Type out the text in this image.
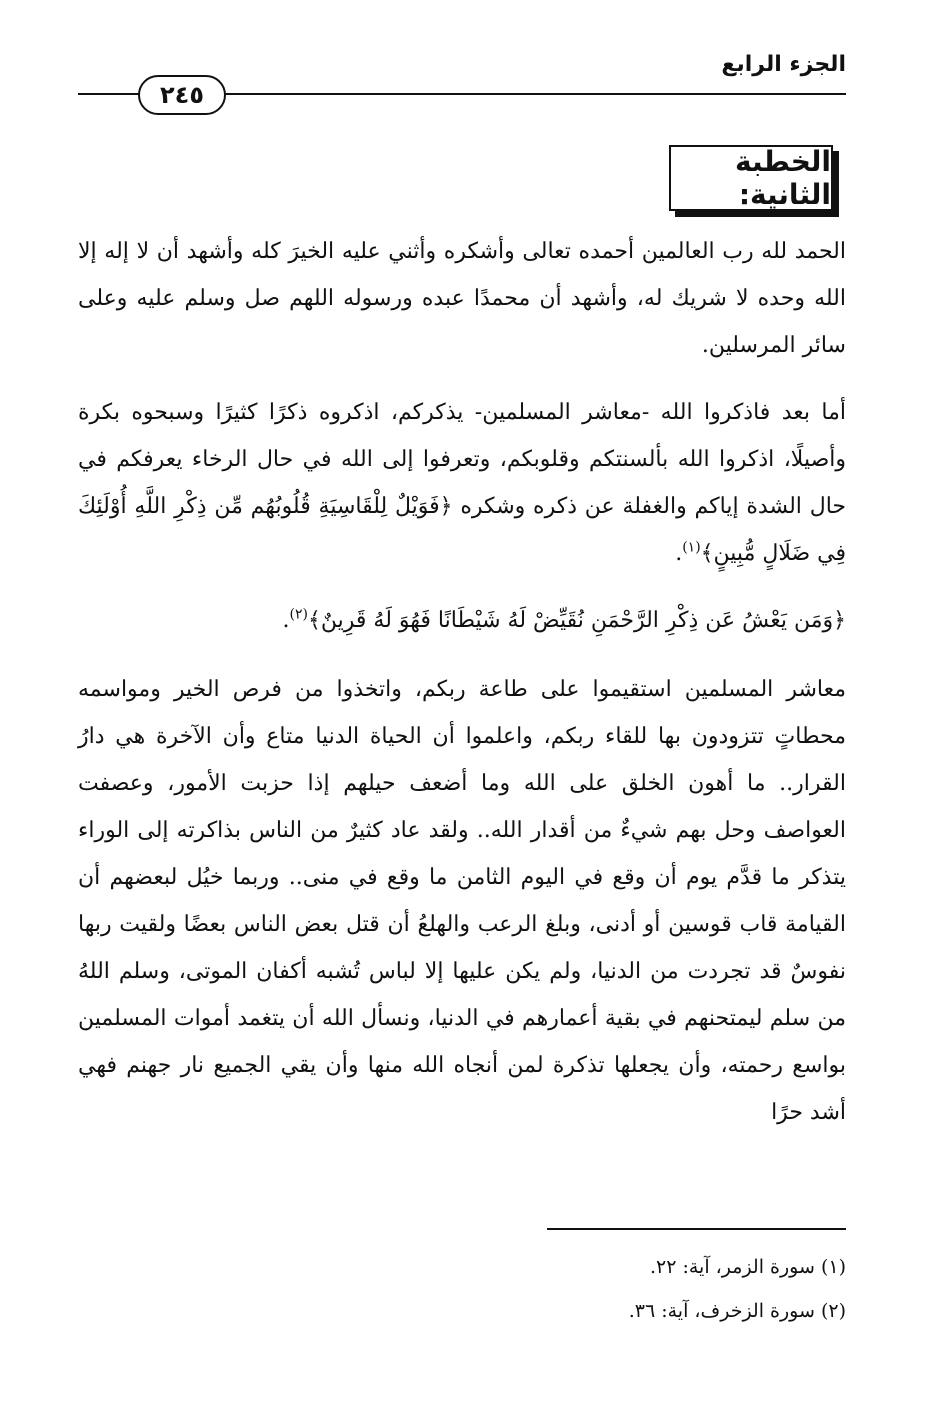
الجزء الرابع
٢٤٥
الخطبة الثانية:

الحمد لله رب العالمين أحمده تعالى وأشكره وأثني عليه الخيرَ كله وأشهد أن لا إله إلا الله وحده لا شريك له، وأشهد أن محمدًا عبده ورسوله اللهم صل وسلم عليه وعلى سائر المرسلين.

أما بعد فاذكروا الله -معاشر المسلمين- يذكركم، اذكروه ذكرًا كثيرًا وسبحوه بكرة وأصيلًا، اذكروا الله بألسنتكم وقلوبكم، وتعرفوا إلى الله في حال الرخاء يعرفكم في حال الشدة إياكم والغفلة عن ذكره وشكره ﴿فَوَيْلٌ لِلْقَاسِيَةِ قُلُوبُهُم مِّن ذِكْرِ اللَّهِ أُوْلَئِكَ فِي ضَلَالٍ مُّبِينٍ﴾$^{(١)}$.

﴿وَمَن يَعْشُ عَن ذِكْرِ الرَّحْمَنِ نُقَيِّضْ لَهُ شَيْطَانًا فَهُوَ لَهُ قَرِينٌ﴾$^{(٢)}$.

معاشر المسلمين استقيموا على طاعة ربكم، واتخذوا من فرص الخير ومواسمه محطاتٍ تتزودون بها للقاء ربكم، واعلموا أن الحياة الدنيا متاع وأن الآخرة هي دارُ القرار.. ما أهون الخلق على الله وما أضعف حيلهم إذا حزبت الأمور، وعصفت العواصف وحل بهم شيءٌ من أقدار الله.. ولقد عاد كثيرٌ من الناس بذاكرته إلى الوراء يتذكر ما قدَّم يوم أن وقع في اليوم الثامن ما وقع في منى.. وربما خيُل لبعضهم أن القيامة قاب قوسين أو أدنى، وبلغ الرعب والهلعُ أن قتل بعض الناس بعضًا ولقيت ربها نفوسٌ قد تجردت من الدنيا، ولم يكن عليها إلا لباس تُشبه أكفان الموتى، وسلم اللهُ من سلم ليمتحنهم في بقية أعمارهم في الدنيا، ونسأل الله أن يتغمد أموات المسلمين بواسع رحمته، وأن يجعلها تذكرة لمن أنجاه الله منها وأن يقي الجميع نار جهنم فهي أشد حرًا

(١) سورة الزمر، آية: ٢٢.
(٢) سورة الزخرف، آية: ٣٦.
